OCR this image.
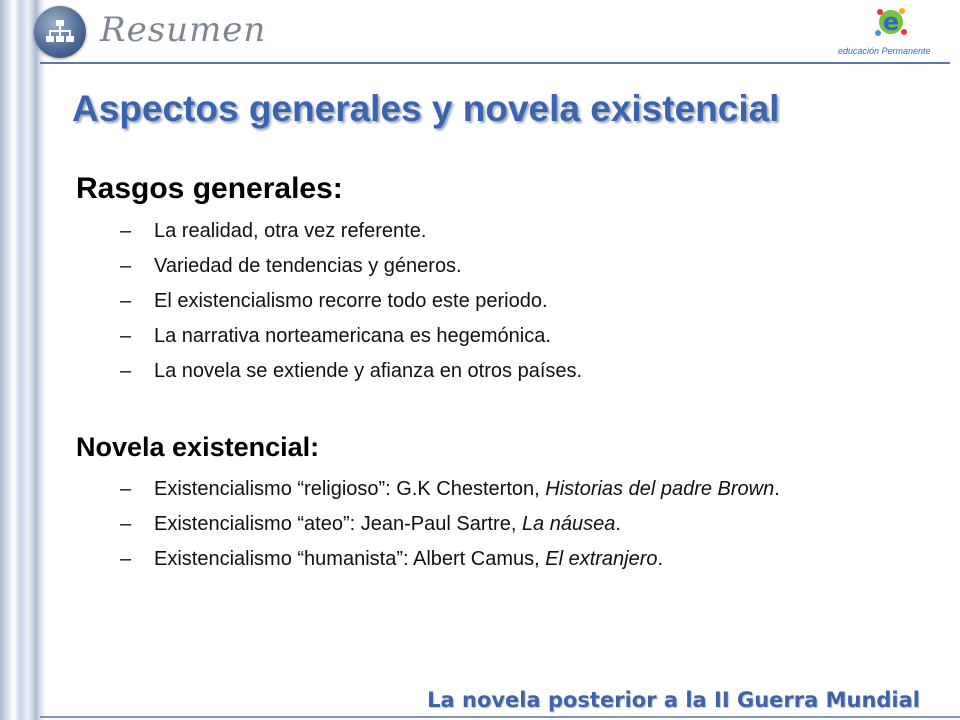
Resumen	e
educación Permanente
Aspectos generales y novela existencial
Rasgos generales:
– La realidad, otra vez referente.
– Variedad de tendencias y géneros.
– El existencialismo recorre todo este periodo.
– La narrativa norteamericana es hegemónica.
– La novela se extiende y afianza en otros países.
Novela existencial:
– Existencialismo “religioso”: G.K Chesterton, Historias del padre Brown.
– Existencialismo “ateo”: Jean-Paul Sartre, La náusea.
– Existencialismo “humanista”: Albert Camus, El extranjero.
La novela posterior a la II Guerra Mundial
